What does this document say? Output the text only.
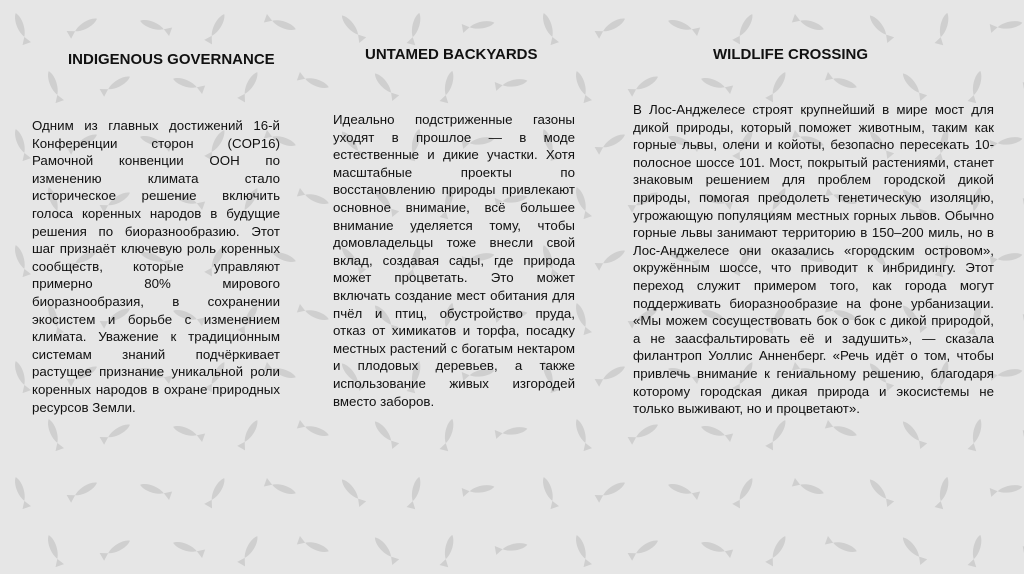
INDIGENOUS GOVERNANCE

Одним из главных достижений 16-й Конференции сторон (COP16) Рамочной конвенции ООН по изменению климата стало историческое решение включить голоса коренных народов в будущие решения по биоразнообразию. Этот шаг признаёт ключевую роль коренных сообществ, которые управляют примерно 80% мирового биоразнообразия, в сохранении экосистем и борьбе с изменением климата. Уважение к традиционным системам знаний подчёркивает растущее признание уникальной роли коренных народов в охране природных ресурсов Земли.

UNTAMED BACKYARDS

Идеально подстриженные газоны уходят в прошлое — в моде естественные и дикие участки. Хотя масштабные проекты по восстановлению природы привлекают основное внимание, всё большее внимание уделяется тому, чтобы домовладельцы тоже внесли свой вклад, создавая сады, где природа может процветать. Это может включать создание мест обитания для пчёл и птиц, обустройство пруда, отказ от химикатов и торфа, посадку местных растений с богатым нектаром и плодовых деревьев, а также использование живых изгородей вместо заборов.

WILDLIFE CROSSING

В Лос-Анджелесе строят крупнейший в мире мост для дикой природы, который поможет животным, таким как горные львы, олени и койоты, безопасно пересекать 10-полосное шоссе 101. Мост, покрытый растениями, станет знаковым решением для проблем городской дикой природы, помогая преодолеть генетическую изоляцию, угрожающую популяциям местных горных львов. Обычно горные львы занимают территорию в 150–200 миль, но в Лос-Анджелесе они оказались «городским островом», окружённым шоссе, что приводит к инбридингу. Этот переход служит примером того, как города могут поддерживать биоразнообразие на фоне урбанизации. «Мы можем сосуществовать бок о бок с дикой природой, а не заасфальтировать её и задушить», — сказала филантроп Уоллис Анненберг. «Речь идёт о том, чтобы привлечь внимание к гениальному решению, благодаря которому городская дикая природа и экосистемы не только выживают, но и процветают».
